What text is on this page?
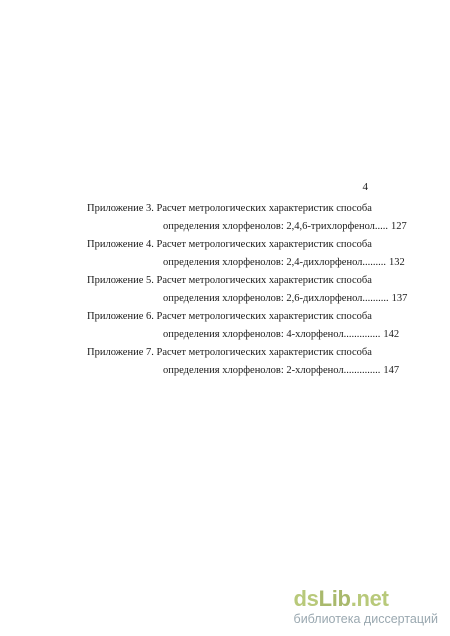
4
Приложение 3. Расчет метрологических характеристик способа
определения хлорфенолов: 2,4,6-трихлорфенол ..... 127
Приложение 4. Расчет метрологических характеристик способа
определения хлорфенолов: 2,4-дихлорфенол ......... 132
Приложение 5. Расчет метрологических характеристик способа
определения хлорфенолов: 2,6-дихлорфенол .......... 137
Приложение 6. Расчет метрологических характеристик способа
определения хлорфенолов: 4-хлорфенол .............. 142
Приложение 7. Расчет метрологических характеристик способа
определения хлорфенолов: 2-хлорфенол .............. 147
dsLib.net
библиотека диссертаций
